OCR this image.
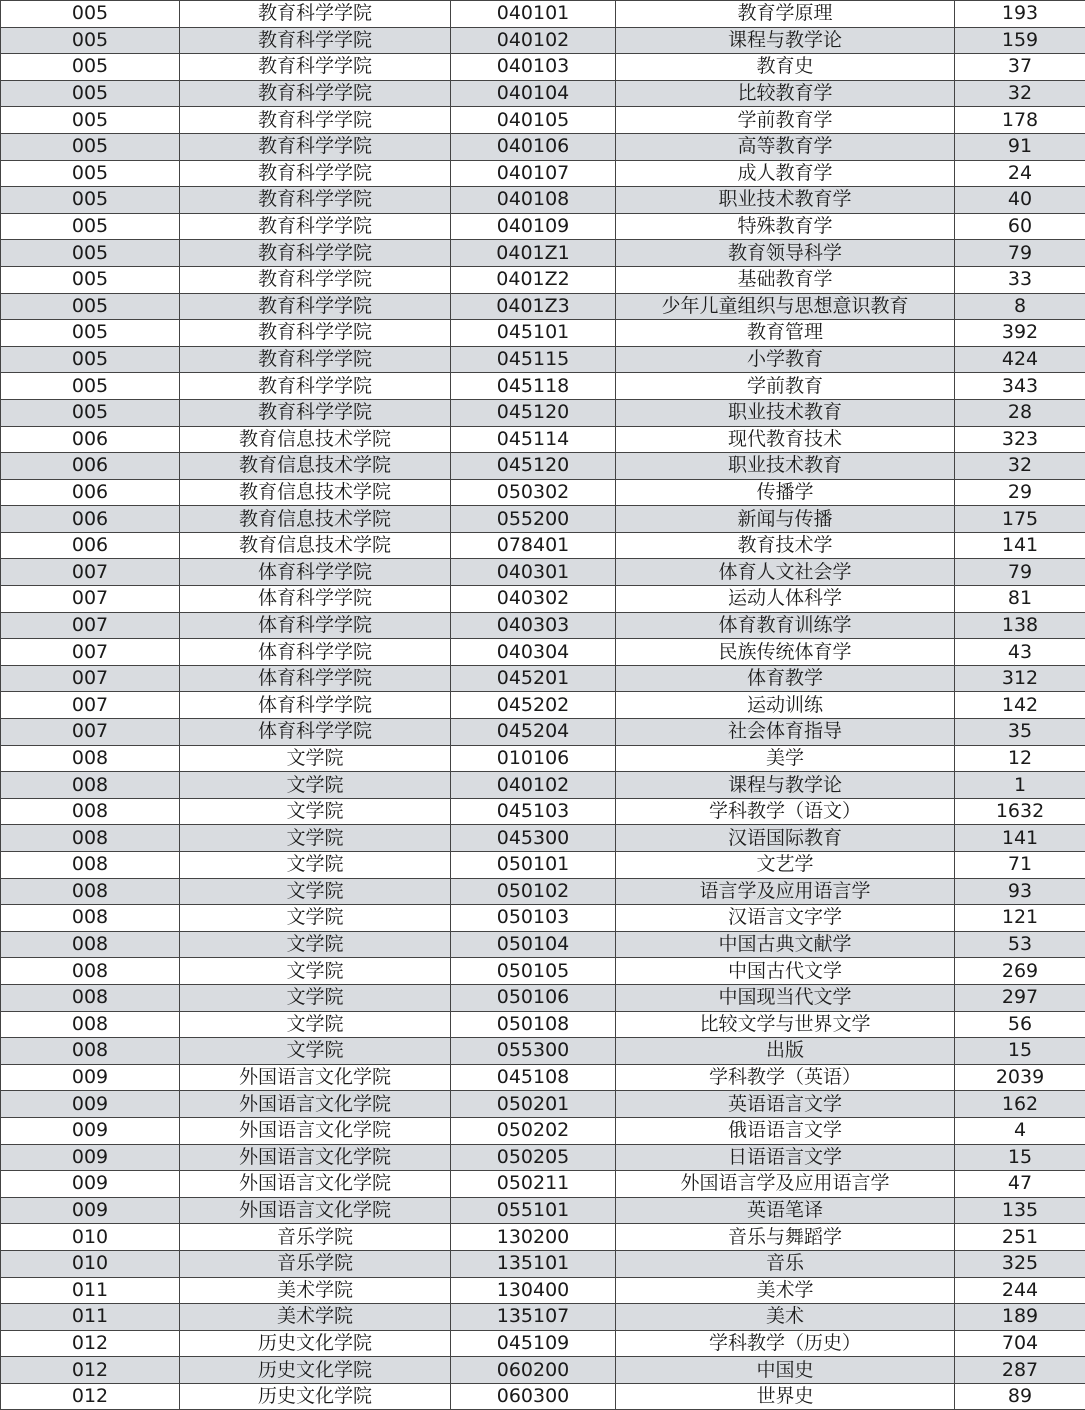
005	教育科学学院	040101	教育学原理	193
005	教育科学学院	040102	课程与教学论	159
005	教育科学学院	040103	教育史	37
005	教育科学学院	040104	比较教育学	32
005	教育科学学院	040105	学前教育学	178
005	教育科学学院	040106	高等教育学	91
005	教育科学学院	040107	成人教育学	24
005	教育科学学院	040108	职业技术教育学	40
005	教育科学学院	040109	特殊教育学	60
005	教育科学学院	0401Z1	教育领导科学	79
005	教育科学学院	0401Z2	基础教育学	33
005	教育科学学院	0401Z3	少年儿童组织与思想意识教育	8
005	教育科学学院	045101	教育管理	392
005	教育科学学院	045115	小学教育	424
005	教育科学学院	045118	学前教育	343
005	教育科学学院	045120	职业技术教育	28
006	教育信息技术学院	045114	现代教育技术	323
006	教育信息技术学院	045120	职业技术教育	32
006	教育信息技术学院	050302	传播学	29
006	教育信息技术学院	055200	新闻与传播	175
006	教育信息技术学院	078401	教育技术学	141
007	体育科学学院	040301	体育人文社会学	79
007	体育科学学院	040302	运动人体科学	81
007	体育科学学院	040303	体育教育训练学	138
007	体育科学学院	040304	民族传统体育学	43
007	体育科学学院	045201	体育教学	312
007	体育科学学院	045202	运动训练	142
007	体育科学学院	045204	社会体育指导	35
008	文学院	010106	美学	12
008	文学院	040102	课程与教学论	1
008	文学院	045103	学科教学（语文）	1632
008	文学院	045300	汉语国际教育	141
008	文学院	050101	文艺学	71
008	文学院	050102	语言学及应用语言学	93
008	文学院	050103	汉语言文字学	121
008	文学院	050104	中国古典文献学	53
008	文学院	050105	中国古代文学	269
008	文学院	050106	中国现当代文学	297
008	文学院	050108	比较文学与世界文学	56
008	文学院	055300	出版	15
009	外国语言文化学院	045108	学科教学（英语）	2039
009	外国语言文化学院	050201	英语语言文学	162
009	外国语言文化学院	050202	俄语语言文学	4
009	外国语言文化学院	050205	日语语言文学	15
009	外国语言文化学院	050211	外国语言学及应用语言学	47
009	外国语言文化学院	055101	英语笔译	135
010	音乐学院	130200	音乐与舞蹈学	251
010	音乐学院	135101	音乐	325
011	美术学院	130400	美术学	244
011	美术学院	135107	美术	189
012	历史文化学院	045109	学科教学（历史）	704
012	历史文化学院	060200	中国史	287
012	历史文化学院	060300	世界史	89
